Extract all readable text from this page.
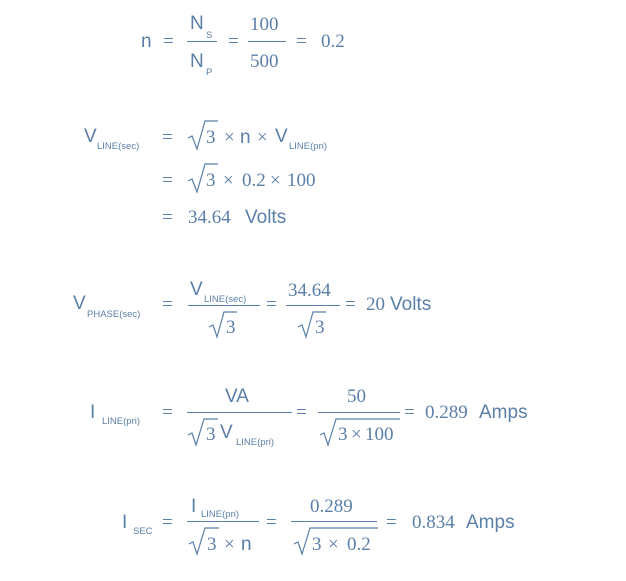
n =
N
S
N
P
=
100
500
= 0.2
V LINE(sec) = 3 × n × V LINE(pri)
= 3 × 0.2 × 100
= 34.64 Volts
V
PHASE(sec) =
V LINE(sec)
3
=
34.64
3
= 20 Volts
I LINE(pri) =
VA
3 V LINE(pri)
=
50
3 × 100
= 0.289 Amps
I SEC =
I LINE(pri)
3 × n
=
0.289
3 × 0.2
= 0.834 Amps
